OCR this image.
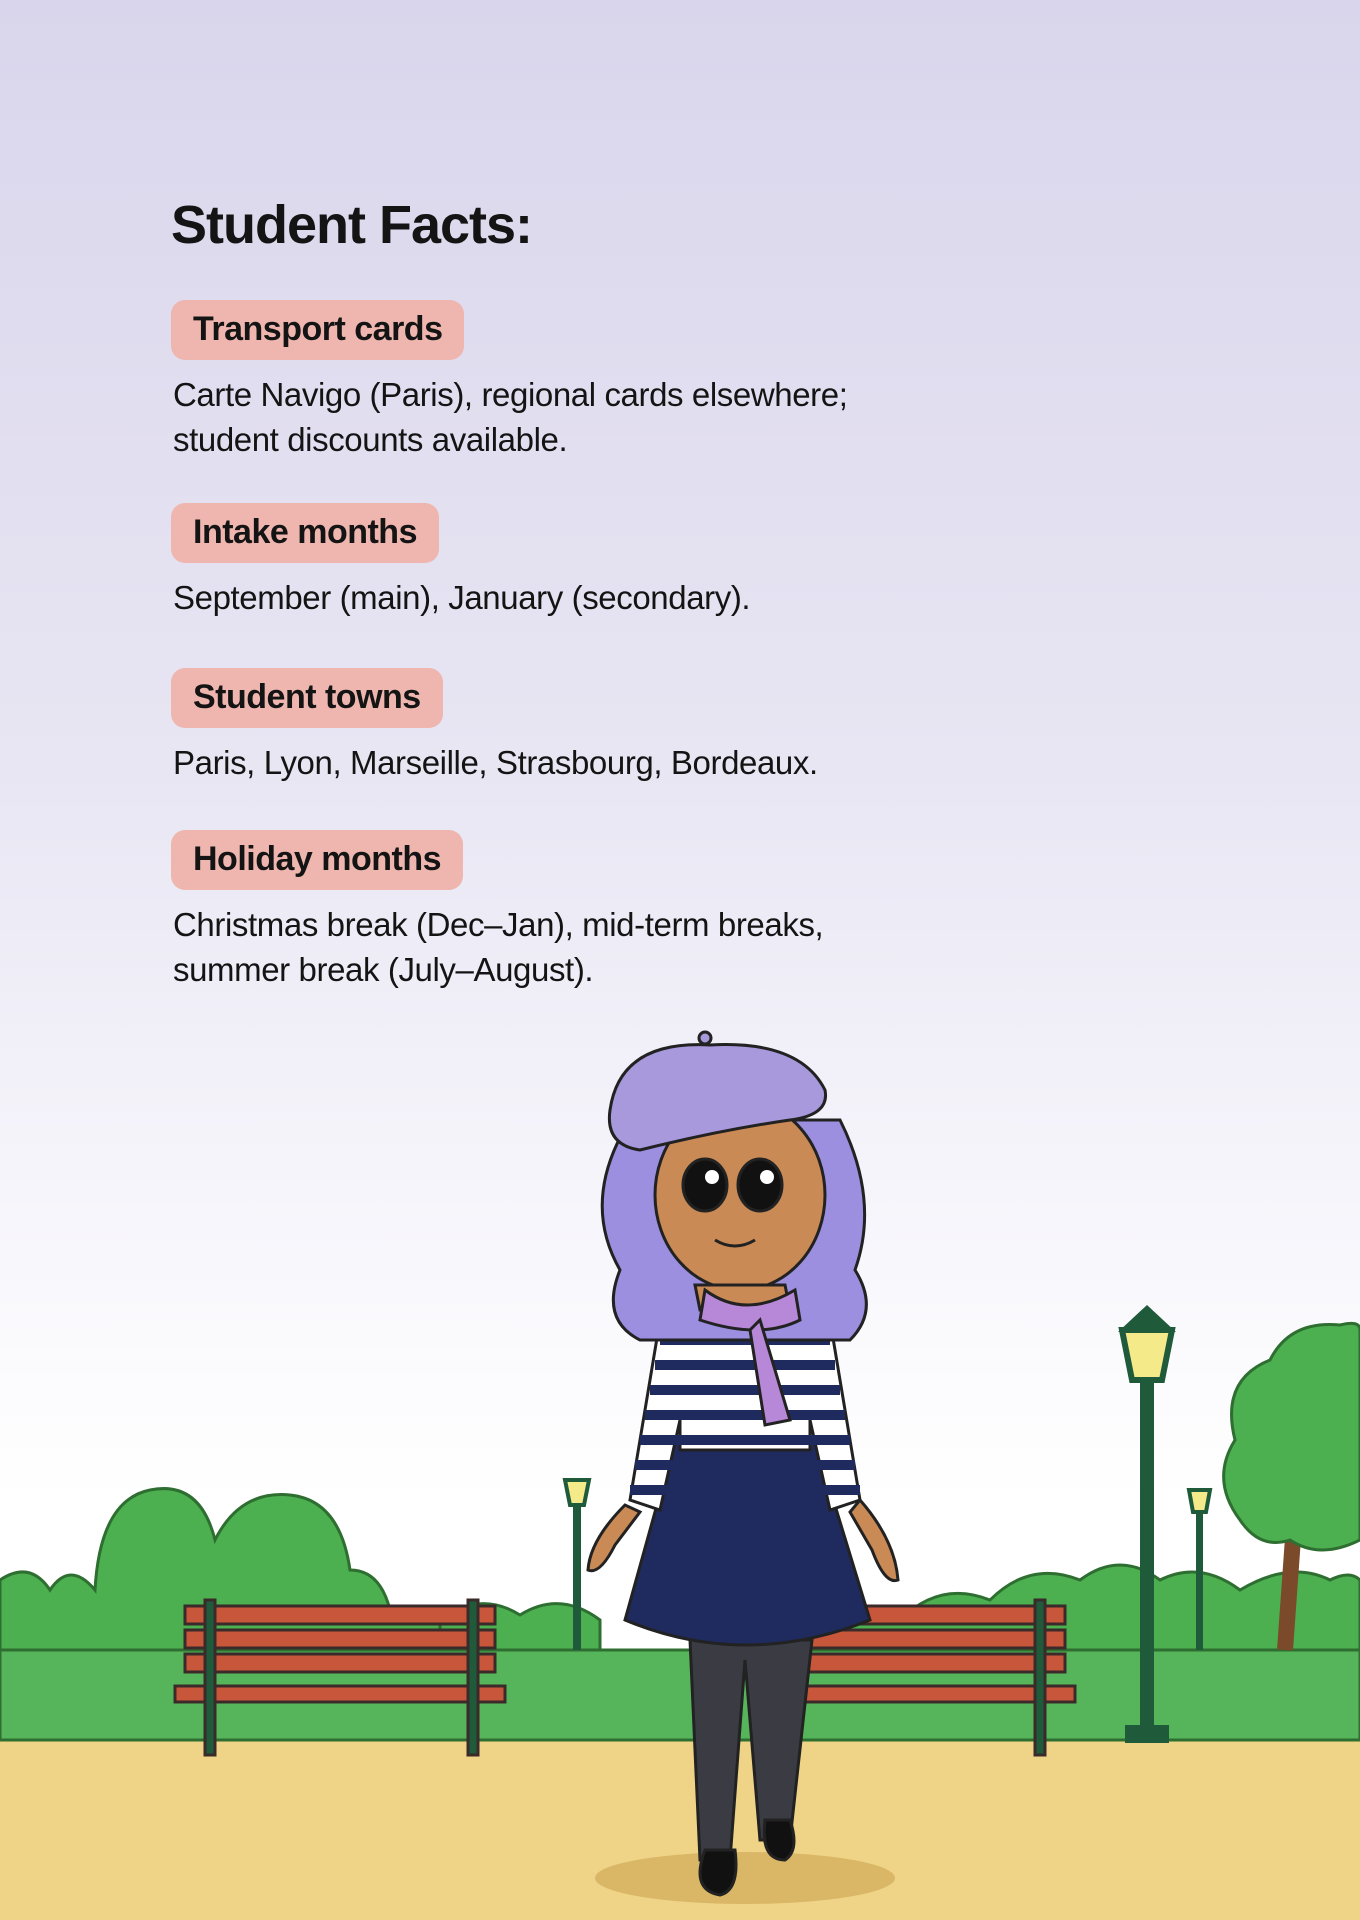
Student Facts:
Transport cards
Carte Navigo (Paris), regional cards elsewhere;
student discounts available.
Intake months
September (main), January (secondary).
Student towns
Paris, Lyon, Marseille, Strasbourg, Bordeaux.
Holiday months
Christmas break (Dec–Jan), mid-term breaks,
summer break (July–August).
